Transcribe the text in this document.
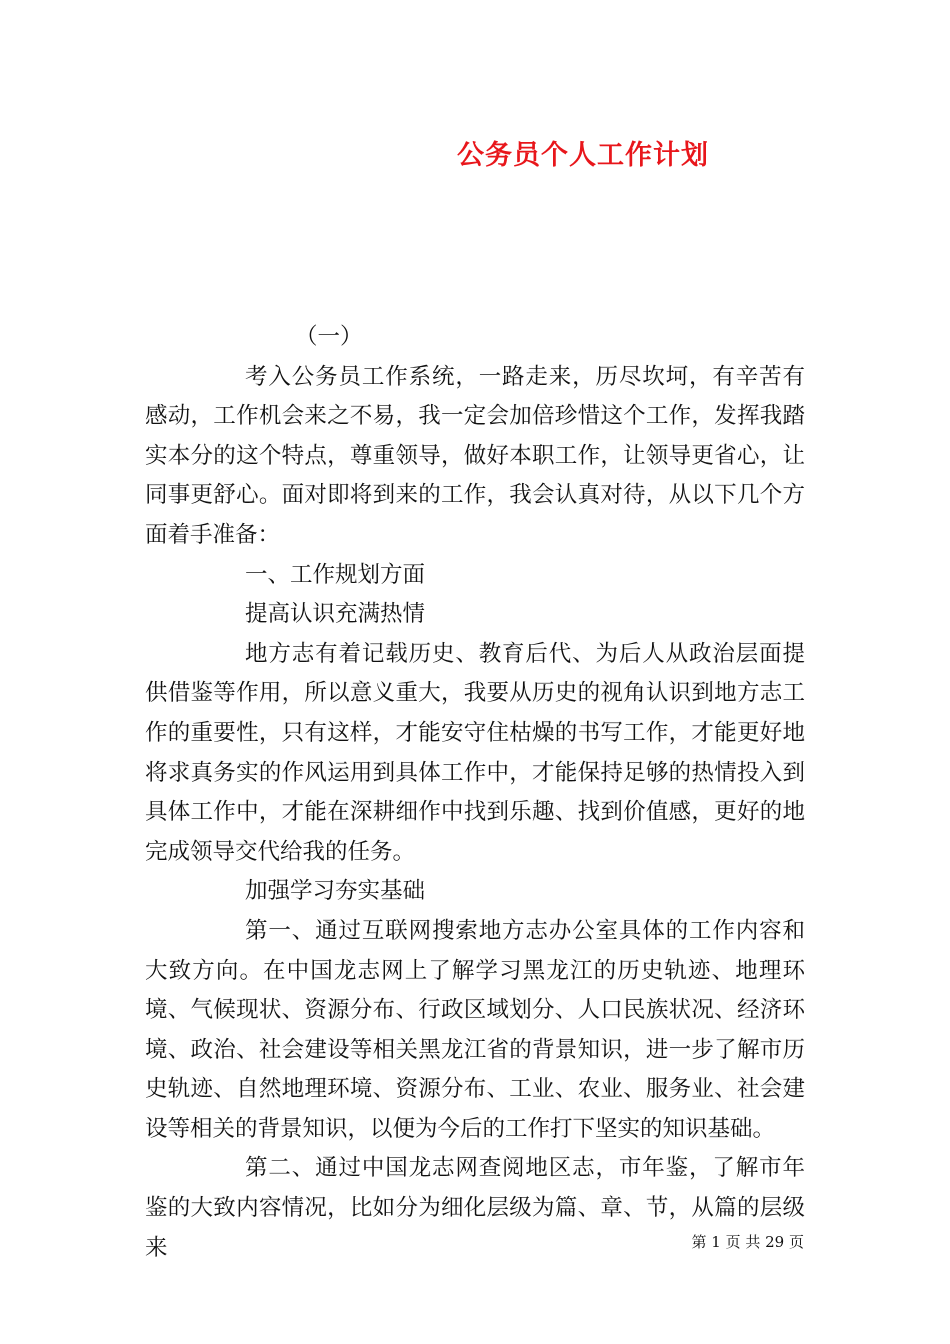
公务员个人工作计划

（一）

考入公务员工作系统，一路走来，历尽坎坷，有辛苦有感动，工作机会来之不易，我一定会加倍珍惜这个工作，发挥我踏实本分的这个特点，尊重领导，做好本职工作，让领导更省心，让同事更舒心。面对即将到来的工作，我会认真对待，从以下几个方面着手准备：

一、工作规划方面

提高认识充满热情

地方志有着记载历史、教育后代、为后人从政治层面提供借鉴等作用，所以意义重大，我要从历史的视角认识到地方志工作的重要性，只有这样，才能安守住枯燥的书写工作，才能更好地将求真务实的作风运用到具体工作中，才能保持足够的热情投入到具体工作中，才能在深耕细作中找到乐趣、找到价值感，更好的地完成领导交代给我的任务。

加强学习夯实基础

第一、通过互联网搜索地方志办公室具体的工作内容和大致方向。在中国龙志网上了解学习黑龙江的历史轨迹、地理环境、气候现状、资源分布、行政区域划分、人口民族状况、经济环境、政治、社会建设等相关黑龙江省的背景知识，进一步了解市历史轨迹、自然地理环境、资源分布、工业、农业、服务业、社会建设等相关的背景知识，以便为今后的工作打下坚实的知识基础。

第二、通过中国龙志网查阅地区志，市年鉴，了解市年鉴的大致内容情况，比如分为细化层级为篇、章、节，从篇的层级来	第 1 页 共 29 页
